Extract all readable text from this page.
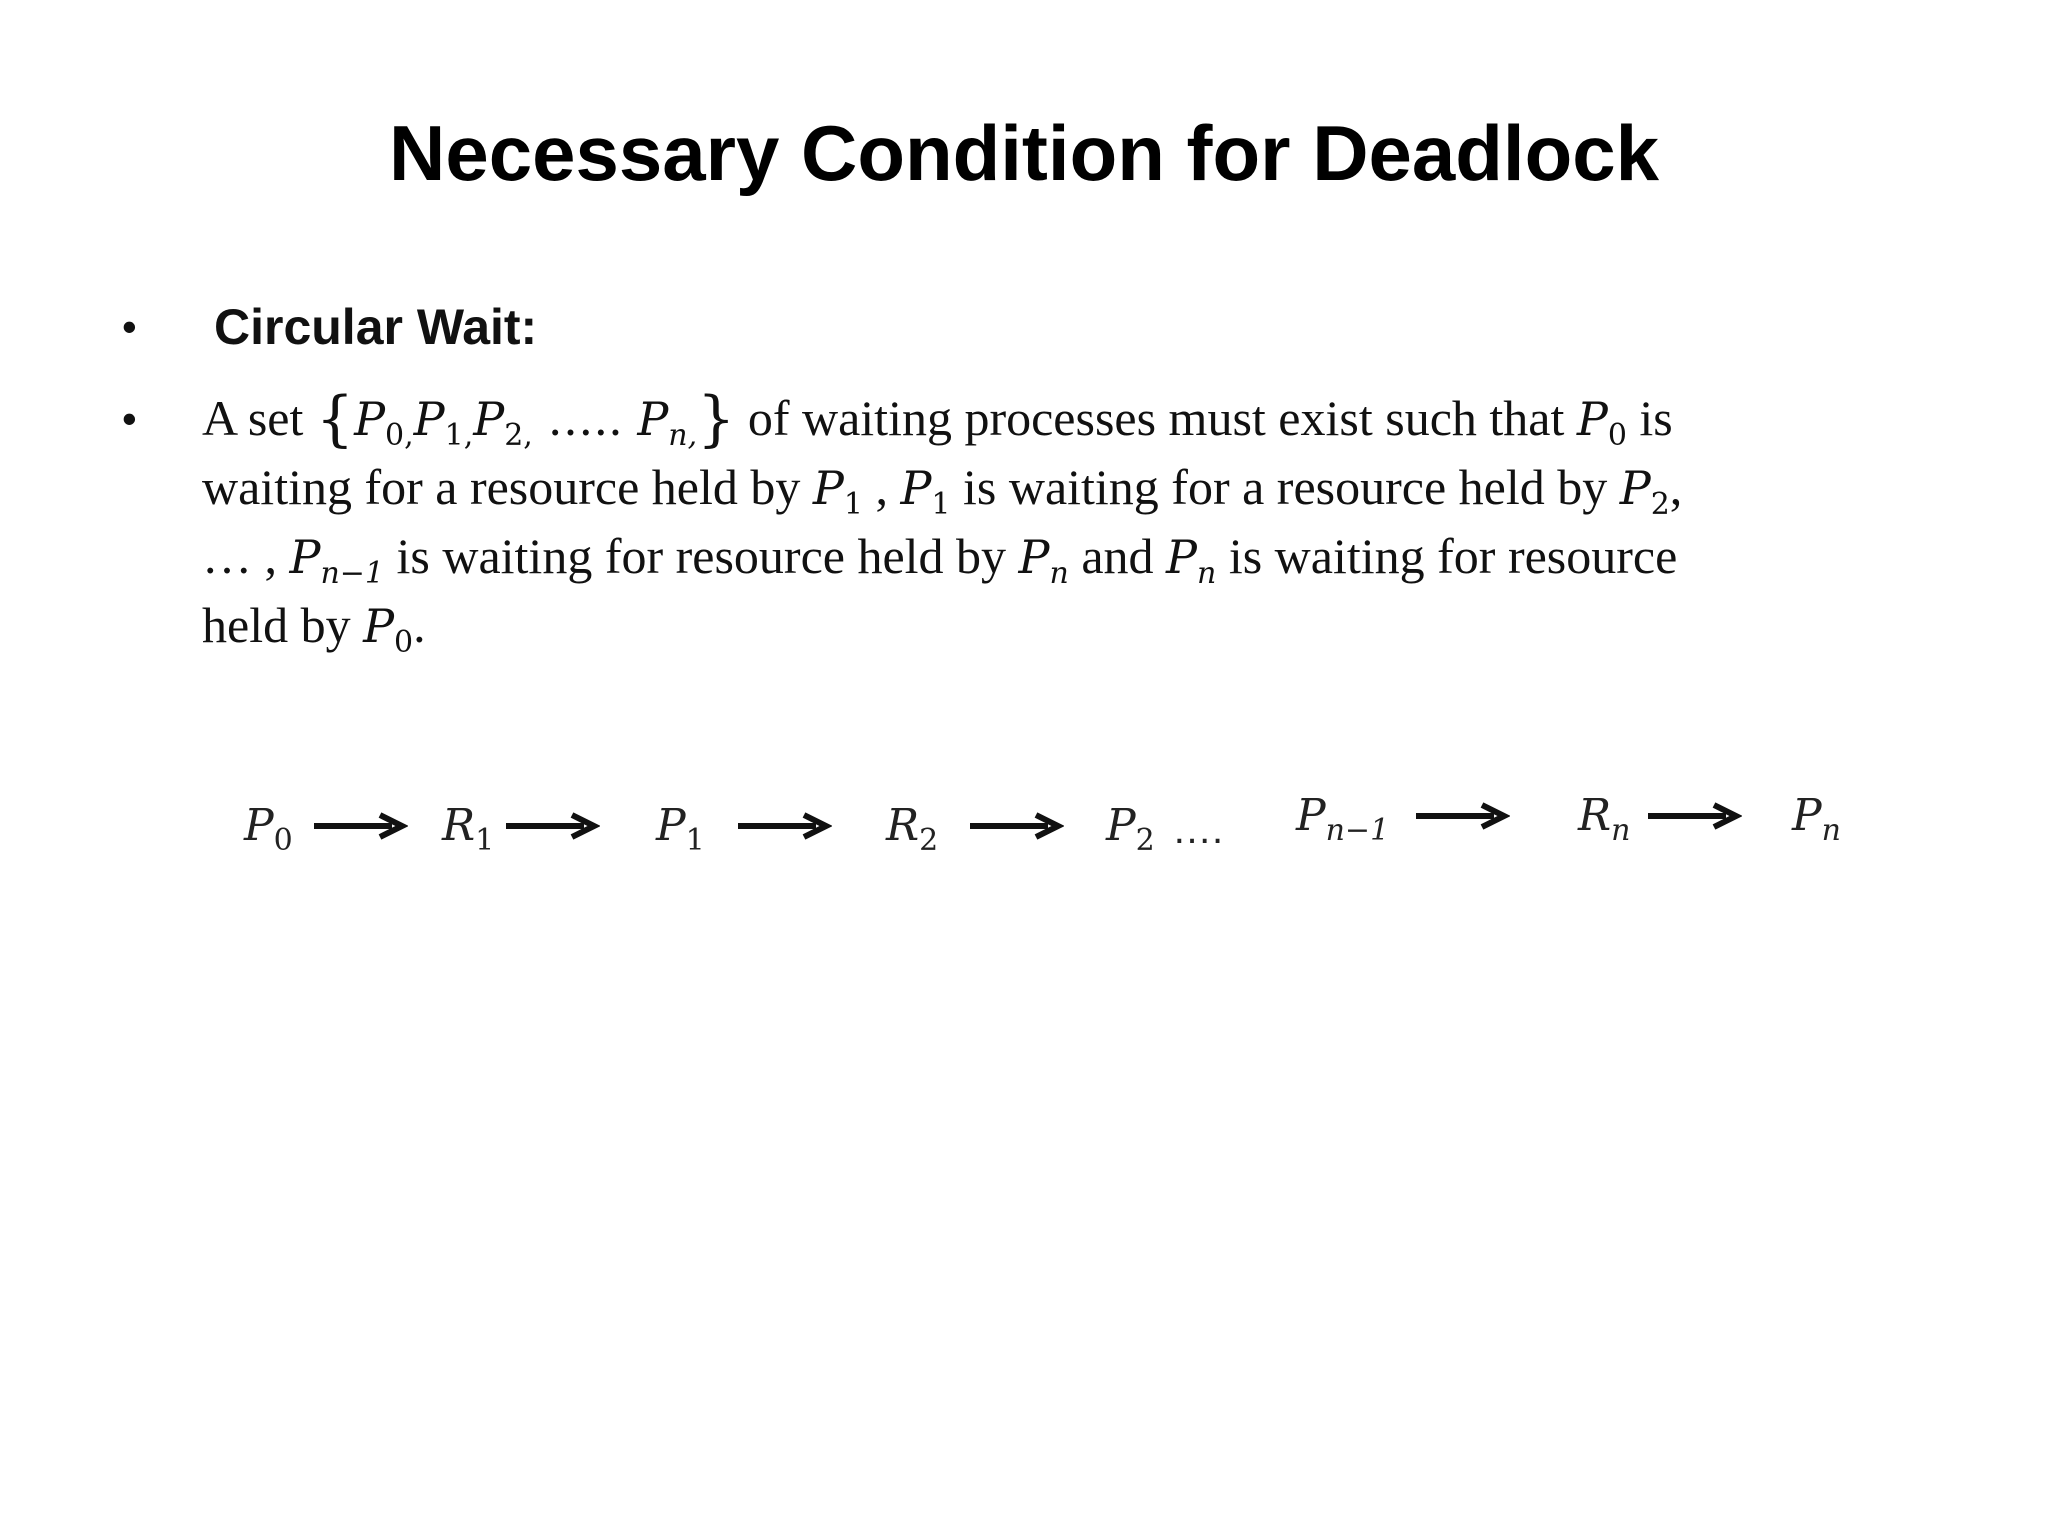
Necessary Condition for Deadlock
•	Circular Wait:
•	A set {$P_{0,}P_{1,}P_{2,}$ ….. $P_{n,}$} of waiting processes must exist such that $P_0$ is
waiting for a resource held by $P_1$ , $P_1$ is waiting for a resource held by $P_2$,
… , $P_{n-1}$ is waiting for resource held by $P_n$ and $P_n$ is waiting for resource
held by $P_0$.
$P_0$	$R_1$	$P_1$	$R_2$	$P_2$ …. $P_{n-1}$	$R_n$	$P_n$
